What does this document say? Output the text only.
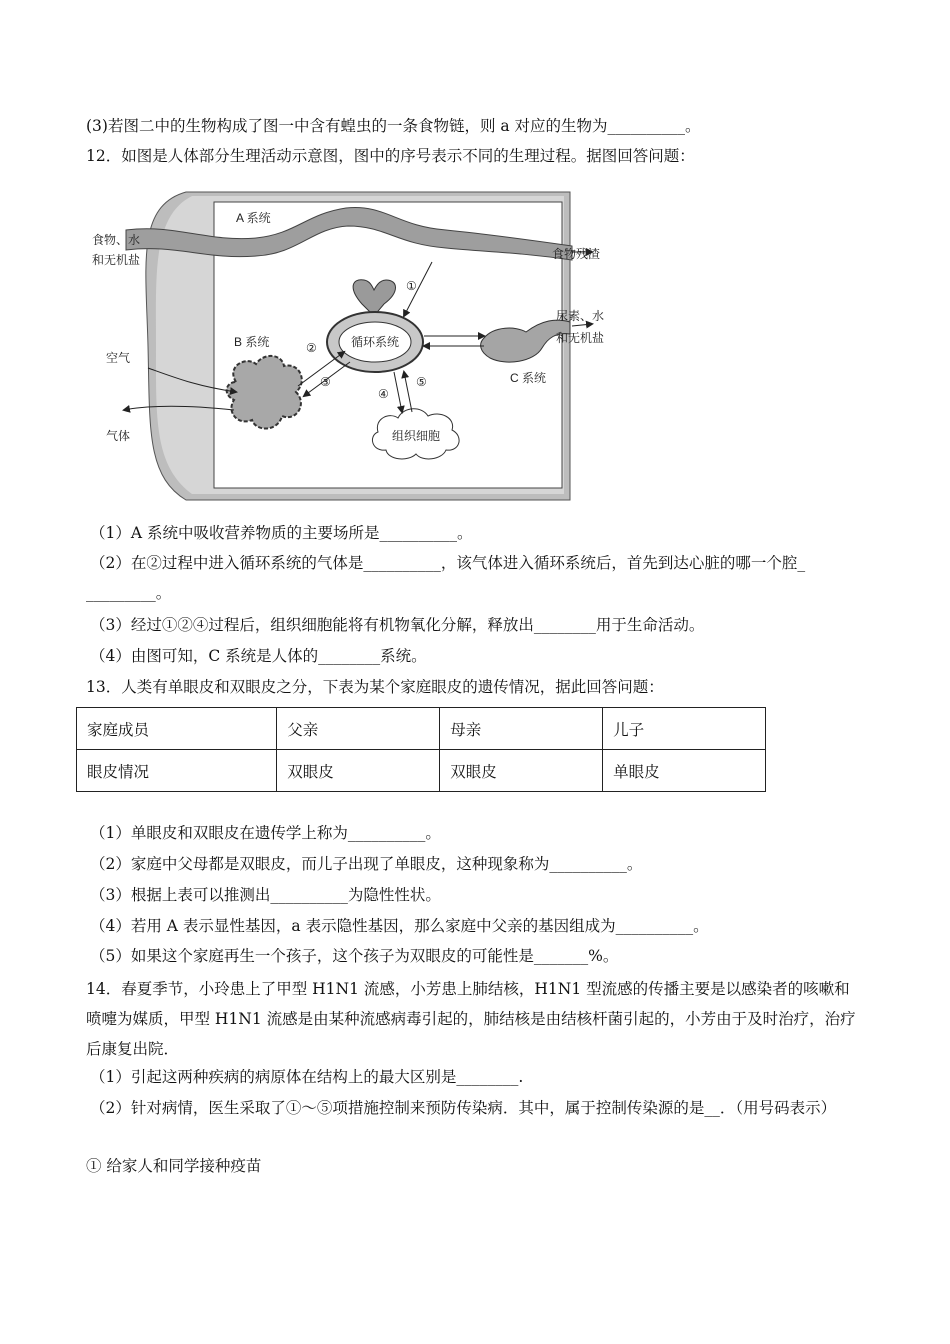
(3)若图二中的生物构成了图一中含有蝗虫的一条食物链，则 a 对应的生物为__________。
12．如图是人体部分生理活动示意图，图中的序号表示不同的生理过程。据图回答问题：
循环系统
组织细胞
A 系统
B 系统
C 系统
食物、水
和无机盐	食物残渣
尿素、水
和无机盐
空气
气体
①
②
③
④
⑤
（1）A 系统中吸收营养物质的主要场所是__________。
（2）在②过程中进入循环系统的气体是__________，该气体进入循环系统后，首先到达心脏的哪一个腔_
_________。
（3）经过①②④过程后，组织细胞能将有机物氧化分解，释放出________用于生命活动。
（4）由图可知，C 系统是人体的________系统。
13．人类有单眼皮和双眼皮之分，下表为某个家庭眼皮的遗传情况，据此回答问题：
家庭成员	父亲	母亲	儿子
眼皮情况	双眼皮	双眼皮	单眼皮
（1）单眼皮和双眼皮在遗传学上称为__________。
（2）家庭中父母都是双眼皮，而儿子出现了单眼皮，这种现象称为__________。
（3）根据上表可以推测出__________为隐性性状。
（4）若用 A 表示显性基因，a 表示隐性基因，那么家庭中父亲的基因组成为__________。
（5）如果这个家庭再生一个孩子，这个孩子为双眼皮的可能性是_______%。
14．春夏季节，小玲患上了甲型 H1N1 流感，小芳患上肺结核，H1N1 型流感的传播主要是以感染者的咳嗽和喷嚏为媒质，甲型 H1N1 流感是由某种流感病毒引起的，肺结核是由结核杆菌引起的，小芳由于及时治疗，治疗后康复出院．
（1）引起这两种疾病的病原体在结构上的最大区别是________.
（2）针对病情，医生采取了①～⑤项措施控制来预防传染病．其中，属于控制传染源的是__．（用号码表示）
① 给家人和同学接种疫苗
